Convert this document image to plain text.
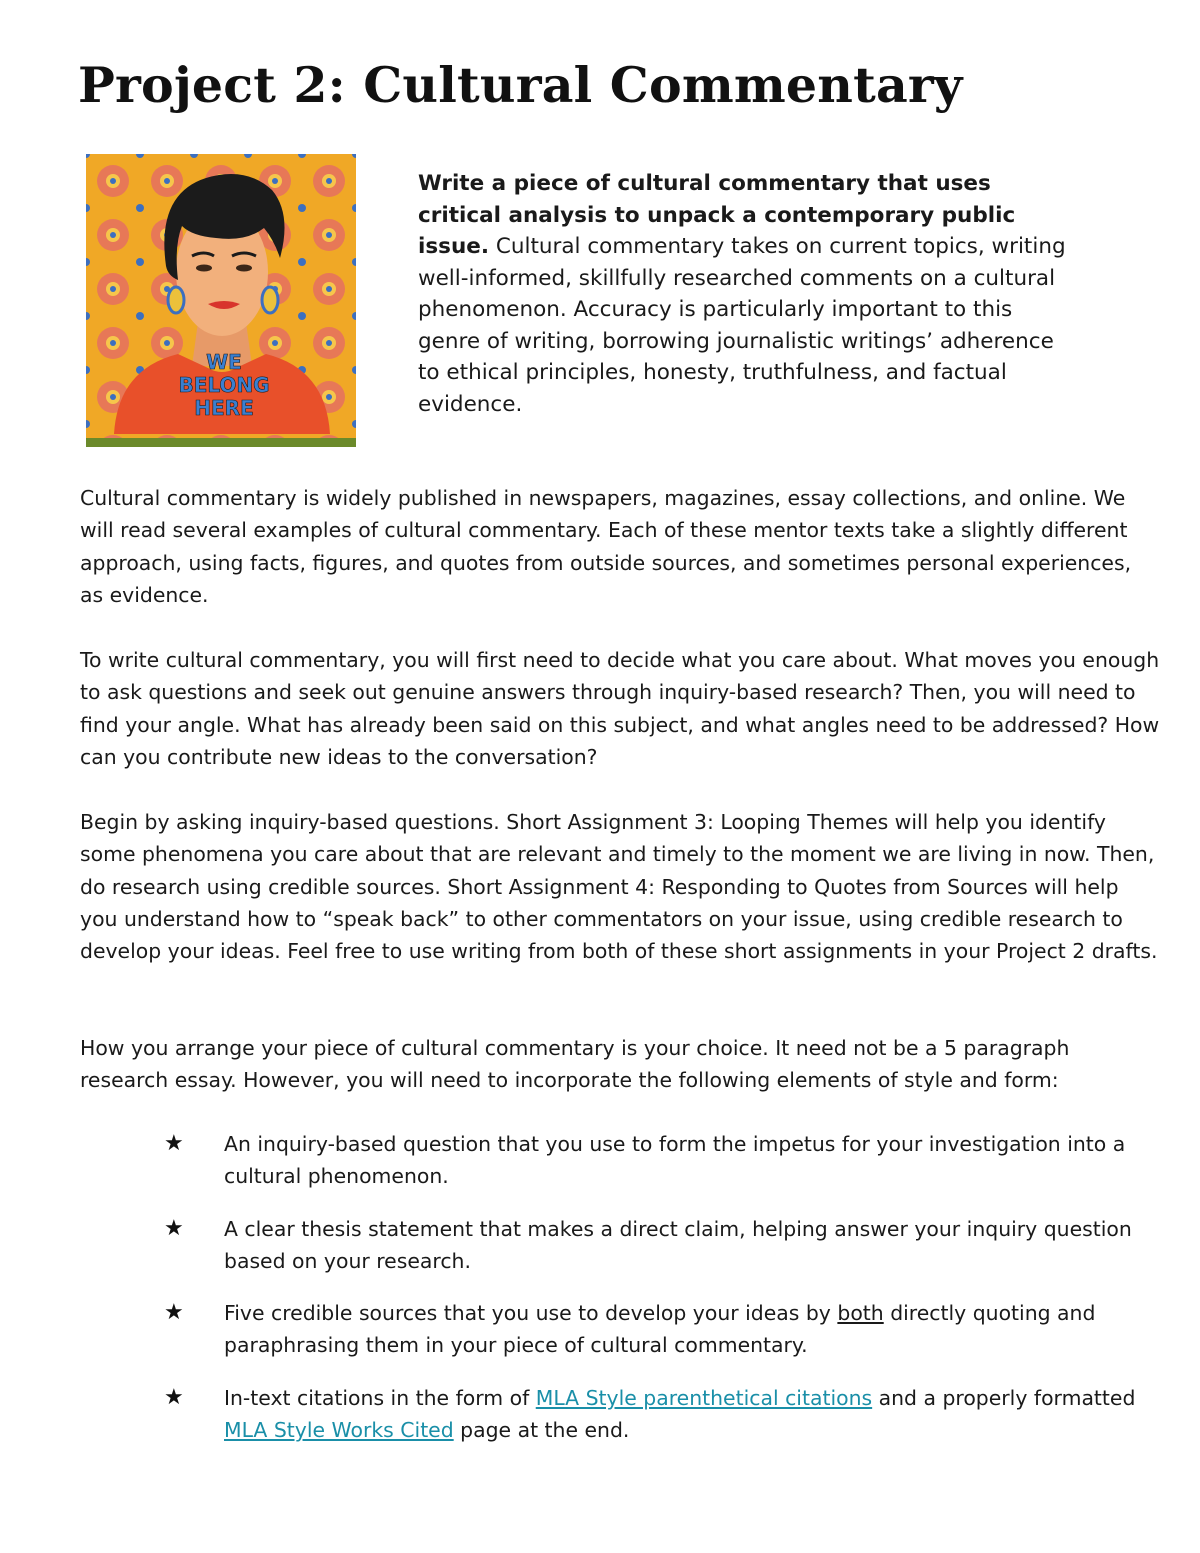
Project 2: Cultural Commentary
WE
BELONG
HERE

Write a piece of cultural commentary that uses critical analysis to unpack a contemporary public issue. Cultural commentary takes on current topics, writing well-informed, skillfully researched comments on a cultural phenomenon. Accuracy is particularly important to this genre of writing, borrowing journalistic writings’ adherence to ethical principles, honesty, truthfulness, and factual evidence.

Cultural commentary is widely published in newspapers, magazines, essay collections, and online. We will read several examples of cultural commentary. Each of these mentor texts take a slightly different approach, using facts, figures, and quotes from outside sources, and sometimes personal experiences, as evidence.

To write cultural commentary, you will first need to decide what you care about. What moves you enough to ask questions and seek out genuine answers through inquiry-based research? Then, you will need to find your angle. What has already been said on this subject, and what angles need to be addressed? How can you contribute new ideas to the conversation?

Begin by asking inquiry-based questions. Short Assignment 3: Looping Themes will help you identify some phenomena you care about that are relevant and timely to the moment we are living in now. Then, do research using credible sources. Short Assignment 4: Responding to Quotes from Sources will help you understand how to “speak back” to other commentators on your issue, using credible research to develop your ideas. Feel free to use writing from both of these short assignments in your Project 2 drafts.

How you arrange your piece of cultural commentary is your choice. It need not be a 5 paragraph research essay. However, you will need to incorporate the following elements of style and form:

★ An inquiry-based question that you use to form the impetus for your investigation into a cultural phenomenon.
★ A clear thesis statement that makes a direct claim, helping answer your inquiry question based on your research.
★ Five credible sources that you use to develop your ideas by both directly quoting and paraphrasing them in your piece of cultural commentary.
★ In-text citations in the form of MLA Style parenthetical citations and a properly formatted MLA Style Works Cited page at the end.
